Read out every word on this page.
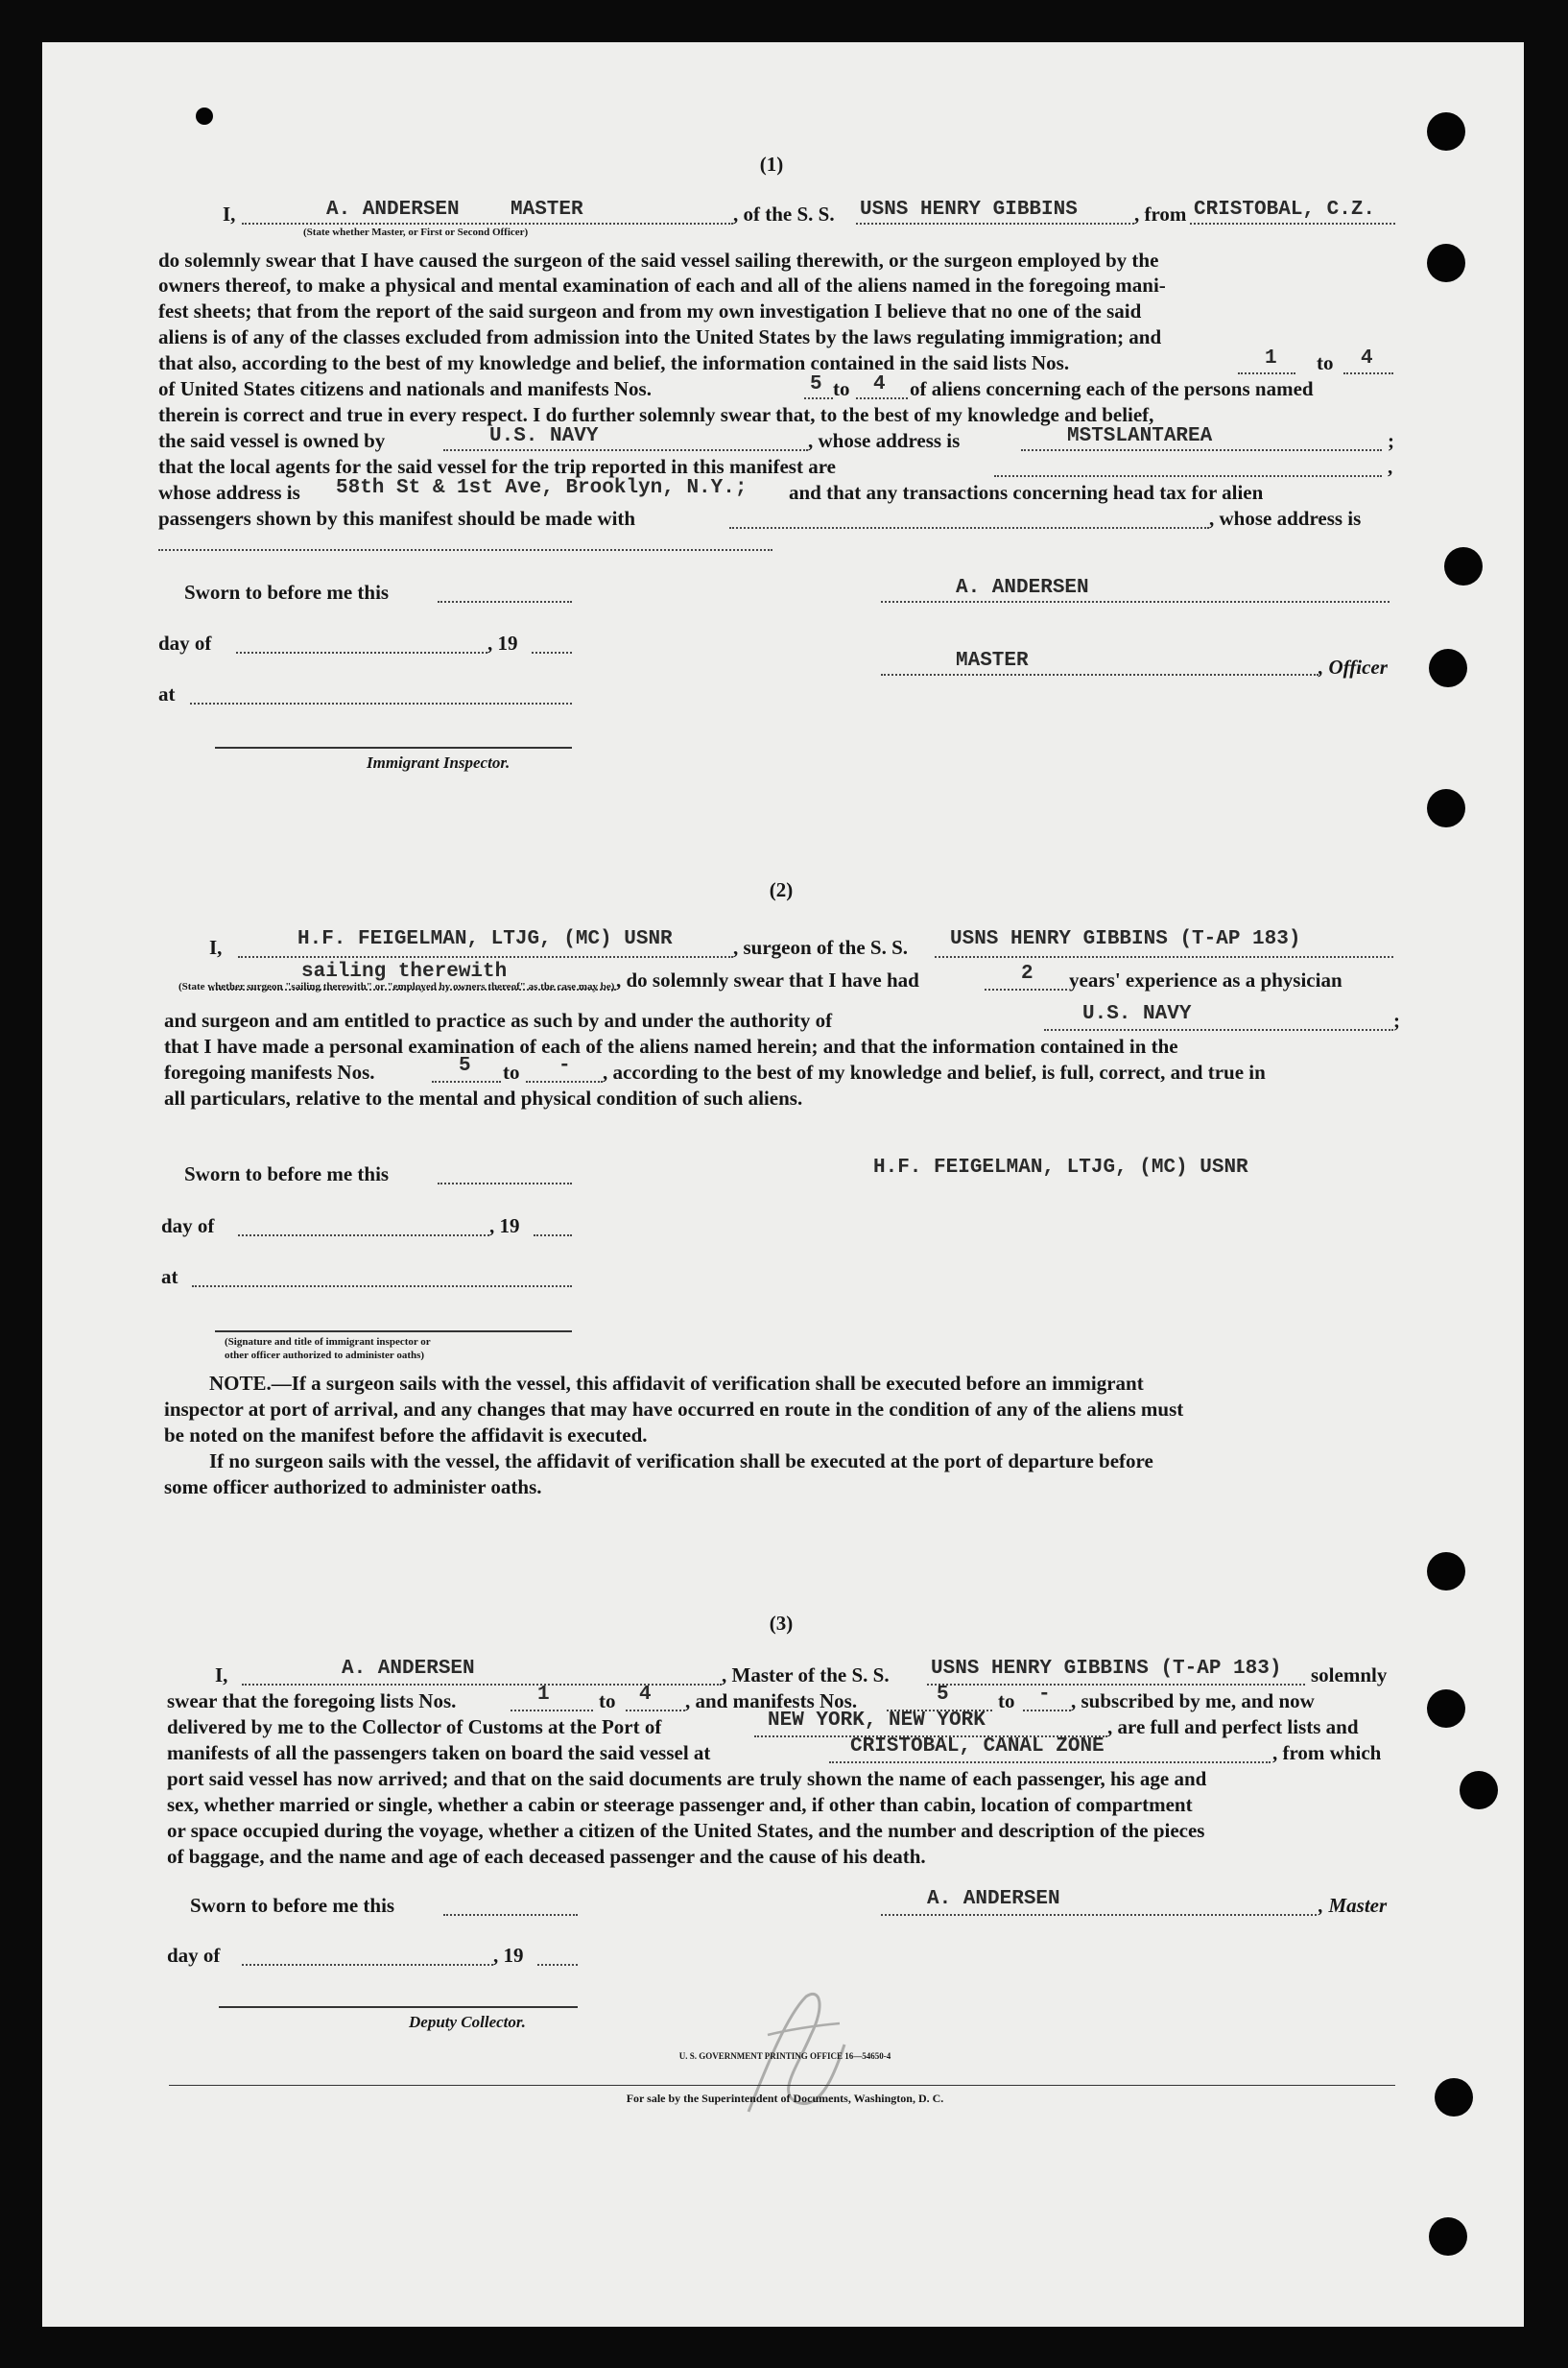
(1)
I,	A. ANDERSEN	MASTER	, of the S. S. USNS HENRY GIBBINS	, from CRISTOBAL, C.Z.
(State whether Master, or First or Second Officer)
do solemnly swear that I have caused the surgeon of the said vessel sailing therewith, or the surgeon employed by the
owners thereof, to make a physical and mental examination of each and all of the aliens named in the foregoing mani-
fest sheets; that from the report of the said surgeon and from my own investigation I believe that no one of the said
aliens is of any of the classes excluded from admission into the United States by the laws regulating immigration; and
that also, according to the best of my knowledge and belief, the information contained in the said lists Nos.	1 to 4
of United States citizens and nationals and manifests Nos.	5 to 4 of aliens concerning each of the persons named
therein is correct and true in every respect. I do further solemnly swear that, to the best of my knowledge and belief,
the said vessel is owned by	U.S. NAVY	, whose address is	MSTSLANTAREA	;
that the local agents for the said vessel for the trip reported in this manifest are	,
whose address is 58th St & 1st Ave, Brooklyn, N.Y.; and that any transactions concerning head tax for alien
passengers shown by this manifest should be made with	, whose address is
Sworn to before me this	A. ANDERSEN
day of	, 19
MASTER	, Officer
at
Immigrant Inspector.
(2)
I,	H.F. FEIGELMAN, LTJG, (MC) USNR	, surgeon of the S. S. USNS HENRY GIBBINS (T-AP 183)
sailing therewith	, do solemnly swear that I have had	2 years' experience as a physician
(State whether surgeon "sailing therewith" or "employed by owners thereof" as the case may be)
and surgeon and am entitled to practice as such by and under the authority of	U.S. NAVY	;
that I have made a personal examination of each of the aliens named herein; and that the information contained in the
foregoing manifests Nos.	5 to - , according to the best of my knowledge and belief, is full, correct, and true in
all particulars, relative to the mental and physical condition of such aliens.
Sworn to before me this	H.F. FEIGELMAN, LTJG, (MC) USNR
day of	, 19
at
(Signature and title of immigrant inspector or
other officer authorized to administer oaths)
NOTE.—If a surgeon sails with the vessel, this affidavit of verification shall be executed before an immigrant
inspector at port of arrival, and any changes that may have occurred en route in the condition of any of the aliens must
be noted on the manifest before the affidavit is executed.
If no surgeon sails with the vessel, the affidavit of verification shall be executed at the port of departure before
some officer authorized to administer oaths.
(3)
I,	A. ANDERSEN	, Master of the S. S. USNS HENRY GIBBINS (T-AP 183) solemnly
swear that the foregoing lists Nos.	1 to 4 , and manifests Nos.	5 to - , subscribed by me, and now
delivered by me to the Collector of Customs at the Port of	NEW YORK, NEW YORK	, are full and perfect lists and
manifests of all the passengers taken on board the said vessel at	CRISTOBAL, CANAL ZONE	, from which
port said vessel has now arrived; and that on the said documents are truly shown the name of each passenger, his age and
sex, whether married or single, whether a cabin or steerage passenger and, if other than cabin, location of compartment
or space occupied during the voyage, whether a citizen of the United States, and the number and description of the pieces
of baggage, and the name and age of each deceased passenger and the cause of his death.
Sworn to before me this	A. ANDERSEN	, Master
day of	, 19
Deputy Collector.
U. S. GOVERNMENT PRINTING OFFICE 16—54650-4
For sale by the Superintendent of Documents, Washington, D. C.
